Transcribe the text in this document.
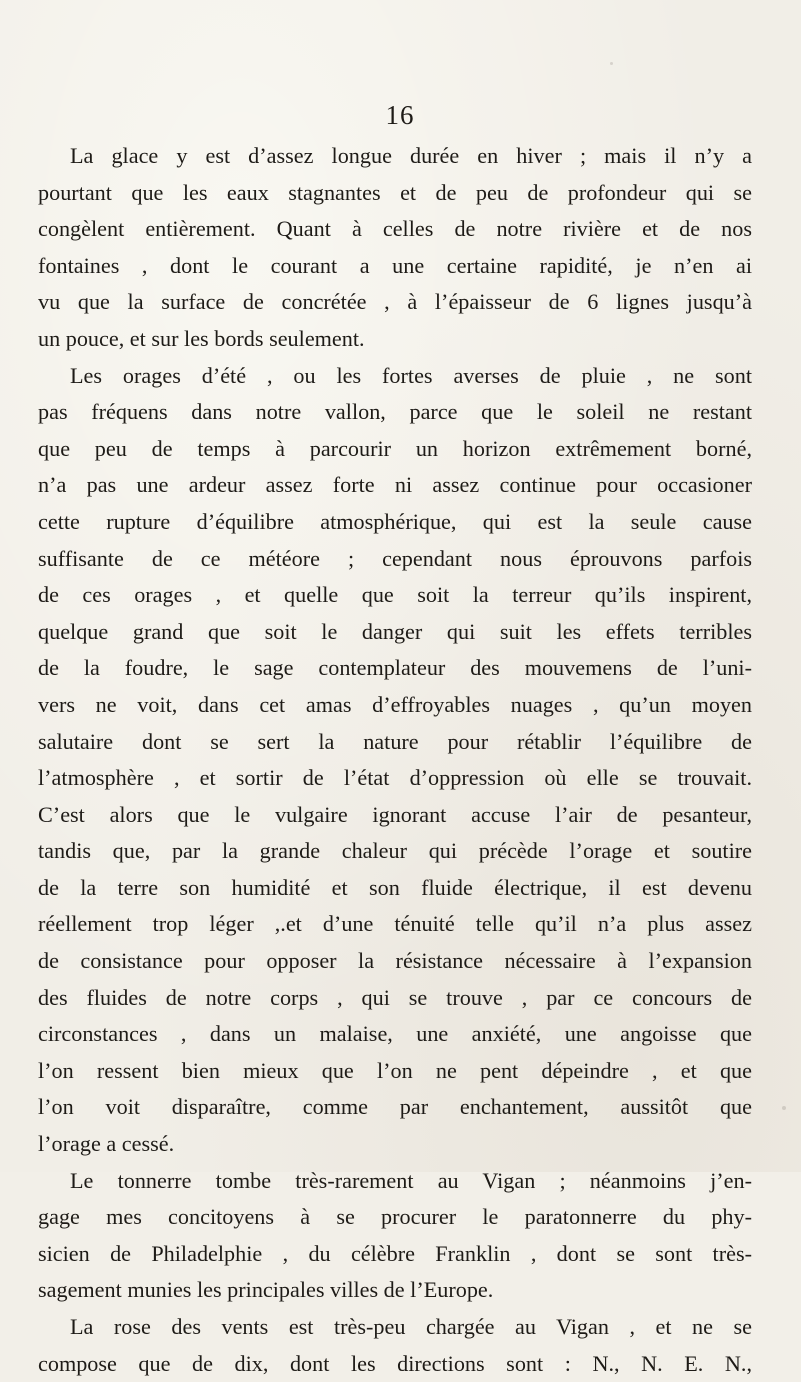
16
La glace y est d’assez longue durée en hiver ; mais il n’y a
pourtant que les eaux stagnantes et de peu de profondeur qui se
congèlent entièrement. Quant à celles de notre rivière et de nos
fontaines , dont le courant a une certaine rapidité, je n’en ai
vu que la surface de concrétée , à l’épaisseur de 6 lignes jusqu’à
un pouce, et sur les bords seulement.
Les orages d’été , ou les fortes averses de pluie , ne sont
pas fréquens dans notre vallon, parce que le soleil ne restant
que peu de temps à parcourir un horizon extrêmement borné,
n’a pas une ardeur assez forte ni assez continue pour occasioner
cette rupture d’équilibre atmosphérique, qui est la seule cause
suffisante de ce météore ; cependant nous éprouvons parfois
de ces orages , et quelle que soit la terreur qu’ils inspirent,
quelque grand que soit le danger qui suit les effets terribles
de la foudre, le sage contemplateur des mouvemens de l’uni-
vers ne voit, dans cet amas d’effroyables nuages , qu’un moyen
salutaire dont se sert la nature pour rétablir l’équilibre de
l’atmosphère , et sortir de l’état d’oppression où elle se trouvait.
C’est alors que le vulgaire ignorant accuse l’air de pesanteur,
tandis que, par la grande chaleur qui précède l’orage et soutire
de la terre son humidité et son fluide électrique, il est devenu
réellement trop léger ,.et d’une ténuité telle qu’il n’a plus assez
de consistance pour opposer la résistance nécessaire à l’expansion
des fluides de notre corps , qui se trouve , par ce concours de
circonstances , dans un malaise, une anxiété, une angoisse que
l’on ressent bien mieux que l’on ne pent dépeindre , et que
l’on voit disparaître, comme par enchantement, aussitôt que
l’orage a cessé.
Le tonnerre tombe très-rarement au Vigan ; néanmoins j’en-
gage mes concitoyens à se procurer le paratonnerre du phy-
sicien de Philadelphie , du célèbre Franklin , dont se sont très-
sagement munies les principales villes de l’Europe.
La rose des vents est très-peu chargée au Vigan , et ne se
compose que de dix, dont les directions sont : N., N. E. N.,
